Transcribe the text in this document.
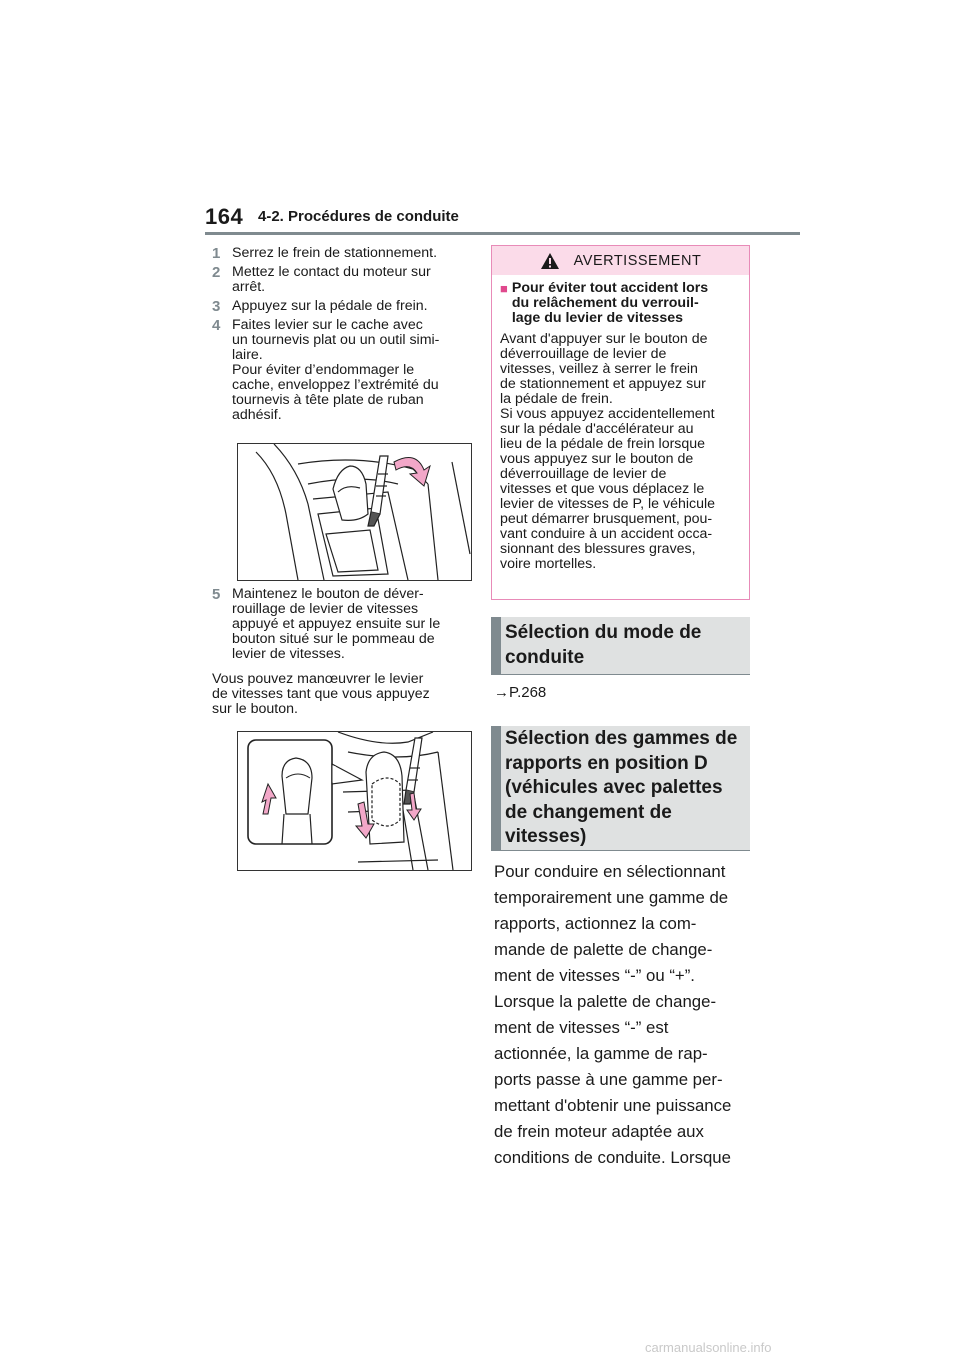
164 4-2. Procédures de conduite
1 Serrez le frein de stationnement.
2 Mettez le contact du moteur sur
arrêt.
3 Appuyez sur la pédale de frein.
4 Faites levier sur le cache avec
un tournevis plat ou un outil simi-
laire.
Pour éviter d’endommager le
cache, enveloppez l’extrémité du
tournevis à tête plate de ruban
adhésif.
5 Maintenez le bouton de déver-
rouillage de levier de vitesses
appuyé et appuyez ensuite sur le
bouton situé sur le pommeau de
levier de vitesses.
Vous pouvez manœuvrer le levier
de vitesses tant que vous appuyez
sur le bouton.
AVERTISSEMENT
■ Pour éviter tout accident lors
du relâchement du verrouil-
lage du levier de vitesses
Avant d'appuyer sur le bouton de
déverrouillage de levier de
vitesses, veillez à serrer le frein
de stationnement et appuyez sur
la pédale de frein.
Si vous appuyez accidentellement
sur la pédale d'accélérateur au
lieu de la pédale de frein lorsque
vous appuyez sur le bouton de
déverrouillage de levier de
vitesses et que vous déplacez le
levier de vitesses de P, le véhicule
peut démarrer brusquement, pou-
vant conduire à un accident occa-
sionnant des blessures graves,
voire mortelles.
Sélection du mode de
conduite
→P.268
Sélection des gammes de
rapports en position D
(véhicules avec palettes
de changement de
vitesses)
Pour conduire en sélectionnant
temporairement une gamme de
rapports, actionnez la com-
mande de palette de change-
ment de vitesses “-” ou “+”.
Lorsque la palette de change-
ment de vitesses “-” est
actionnée, la gamme de rap-
ports passe à une gamme per-
mettant d'obtenir une puissance
de frein moteur adaptée aux
conditions de conduite. Lorsque
carmanualsonline.info
